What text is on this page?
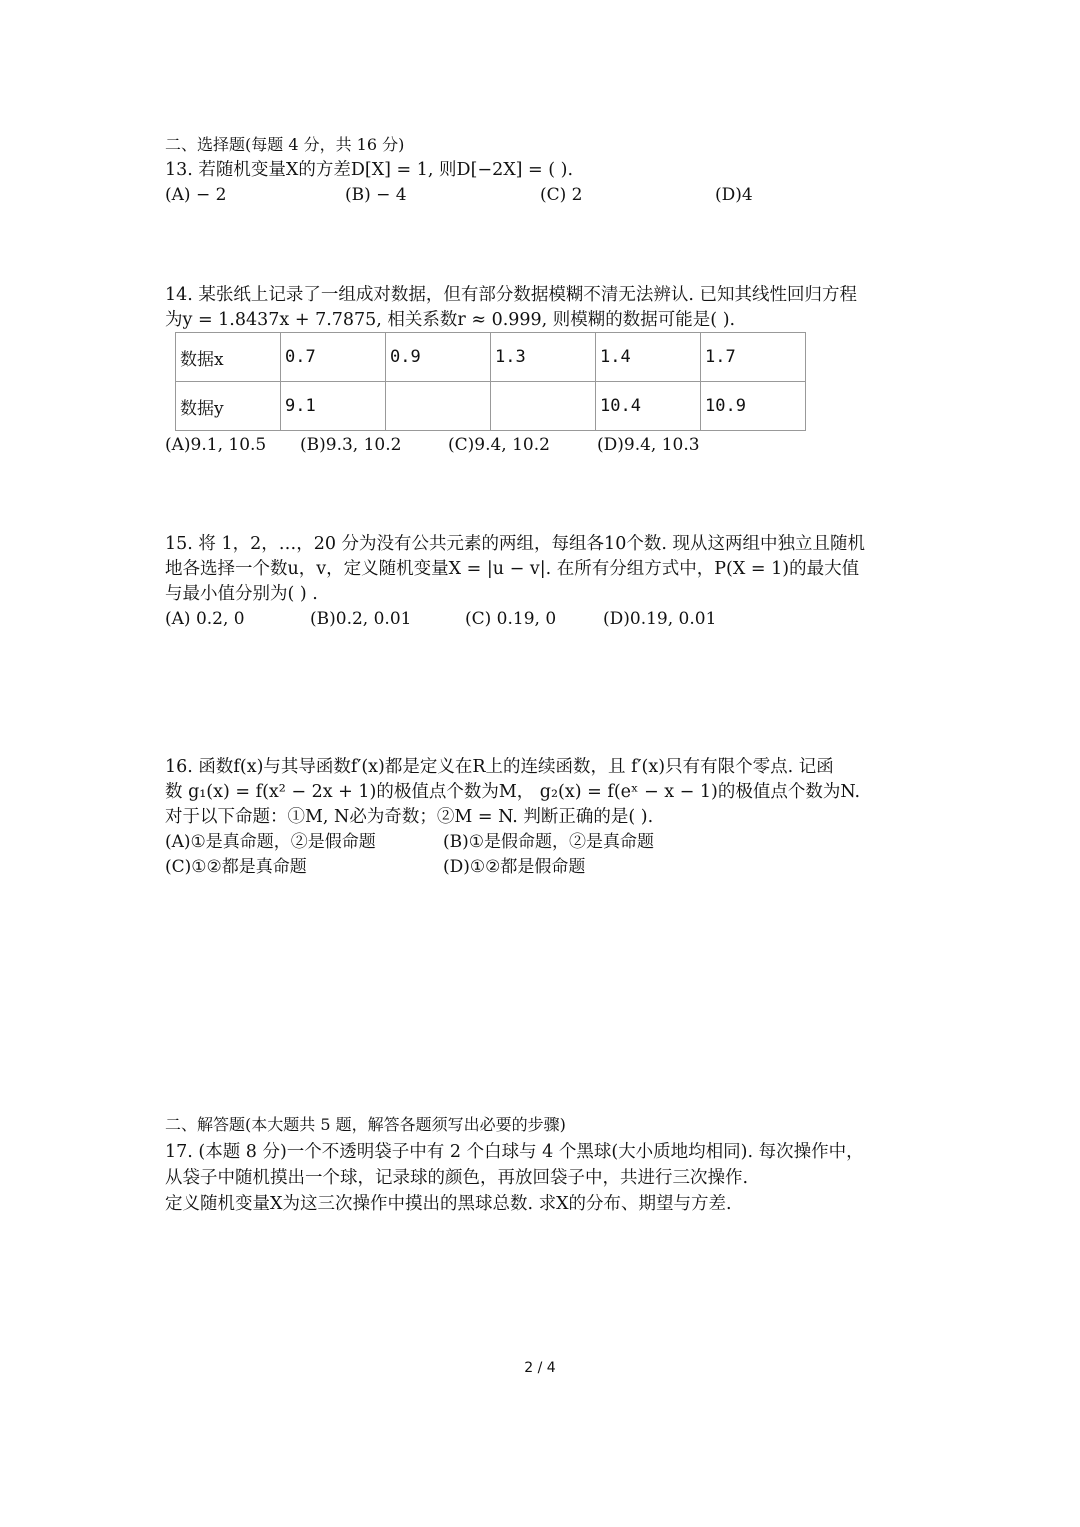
二、选择题(每题 4 分，共 16 分)
13. 若随机变量X的方差D[X] = 1, 则D[−2X] = ( ).
(A) − 2	(B) − 4	(C) 2	(D)4
14. 某张纸上记录了一组成对数据，但有部分数据模糊不清无法辨认. 已知其线性回归方程
为y = 1.8437x + 7.7875, 相关系数r ≈ 0.999, 则模糊的数据可能是( ).
数据x	0.7	0.9	1.3	1.4	1.7
数据y	9.1			10.4	10.9
(A)9.1, 10.5 (B)9.3, 10.2	(C)9.4, 10.2	(D)9.4, 10.3
15. 将 1，2，…，20 分为没有公共元素的两组，每组各10个数. 现从这两组中独立且随机
地各选择一个数u，v，定义随机变量X = |u − v|. 在所有分组方式中，P(X = 1)的最大值
与最小值分别为( ) .
(A) 0.2, 0	(B)0.2, 0.01	(C) 0.19, 0	(D)0.19, 0.01
16. 函数f(x)与其导函数f′(x)都是定义在R上的连续函数，且 f′(x)只有有限个零点. 记函
数 g₁(x) = f(x² − 2x + 1)的极值点个数为M， g₂(x) = f(eˣ − x − 1)的极值点个数为N.
对于以下命题：①M, N必为奇数；②M = N. 判断正确的是( ).
(A)①是真命题，②是假命题	(B)①是假命题，②是真命题
(C)①②都是真命题	(D)①②都是假命题
二、解答题(本大题共 5 题，解答各题须写出必要的步骤)
17. (本题 8 分)一个不透明袋子中有 2 个白球与 4 个黑球(大小质地均相同). 每次操作中，
从袋子中随机摸出一个球，记录球的颜色，再放回袋子中，共进行三次操作.
定义随机变量X为这三次操作中摸出的黑球总数. 求X的分布、期望与方差.
2 / 4
